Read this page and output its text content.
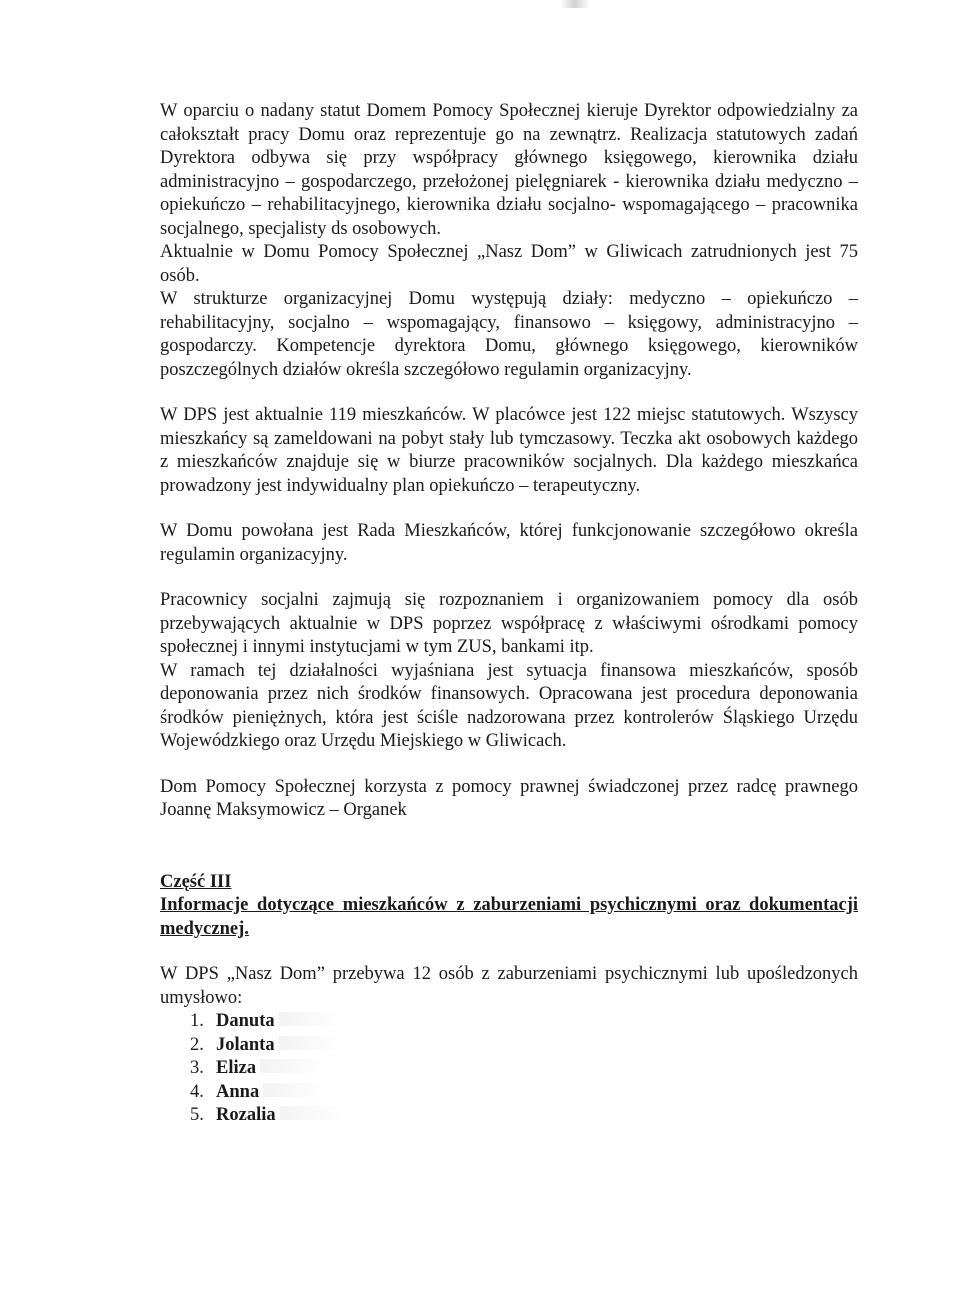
W oparciu o nadany statut Domem Pomocy Społecznej kieruje Dyrektor odpowiedzialny za całokształt pracy Domu oraz reprezentuje go na zewnątrz. Realizacja statutowych zadań Dyrektora odbywa się przy współpracy głównego księgowego, kierownika działu administracyjno – gospodarczego, przełożonej pielęgniarek - kierownika działu medyczno – opiekuńczo – rehabilitacyjnego, kierownika działu socjalno- wspomagającego – pracownika socjalnego, specjalisty ds osobowych.

Aktualnie w Domu Pomocy Społecznej „Nasz Dom” w Gliwicach zatrudnionych jest 75 osób.

W strukturze organizacyjnej Domu występują działy: medyczno – opiekuńczo – rehabilitacyjny, socjalno – wspomagający, finansowo – księgowy, administracyjno – gospodarczy. Kompetencje dyrektora Domu, głównego księgowego, kierowników poszczególnych działów określa szczegółowo regulamin organizacyjny.

W DPS jest aktualnie 119 mieszkańców. W placówce jest 122 miejsc statutowych. Wszyscy mieszkańcy są zameldowani na pobyt stały lub tymczasowy. Teczka akt osobowych każdego z mieszkańców znajduje się w biurze pracowników socjalnych. Dla każdego mieszkańca prowadzony jest indywidualny plan opiekuńczo – terapeutyczny.

W Domu powołana jest Rada Mieszkańców, której funkcjonowanie szczegółowo określa regulamin organizacyjny.

Pracownicy socjalni zajmują się rozpoznaniem i organizowaniem pomocy dla osób przebywających aktualnie w DPS poprzez współpracę z właściwymi ośrodkami pomocy społecznej i innymi instytucjami w tym ZUS, bankami itp.

W ramach tej działalności wyjaśniana jest sytuacja finansowa mieszkańców, sposób deponowania przez nich środków finansowych. Opracowana jest procedura deponowania środków pieniężnych, która jest ściśle nadzorowana przez kontrolerów Śląskiego Urzędu Wojewódzkiego oraz Urzędu Miejskiego w Gliwicach.

Dom Pomocy Społecznej korzysta z pomocy prawnej świadczonej przez radcę prawnego Joannę Maksymowicz – Organek

Część III

Informacje dotyczące mieszkańców z zaburzeniami psychicznymi oraz dokumentacji medycznej.

W DPS „Nasz Dom” przebywa 12 osób z zaburzeniami psychicznymi lub upośledzonych umysłowo:

1. Danuta
2. Jolanta
3. Eliza
4. Anna
5. Rozalia
